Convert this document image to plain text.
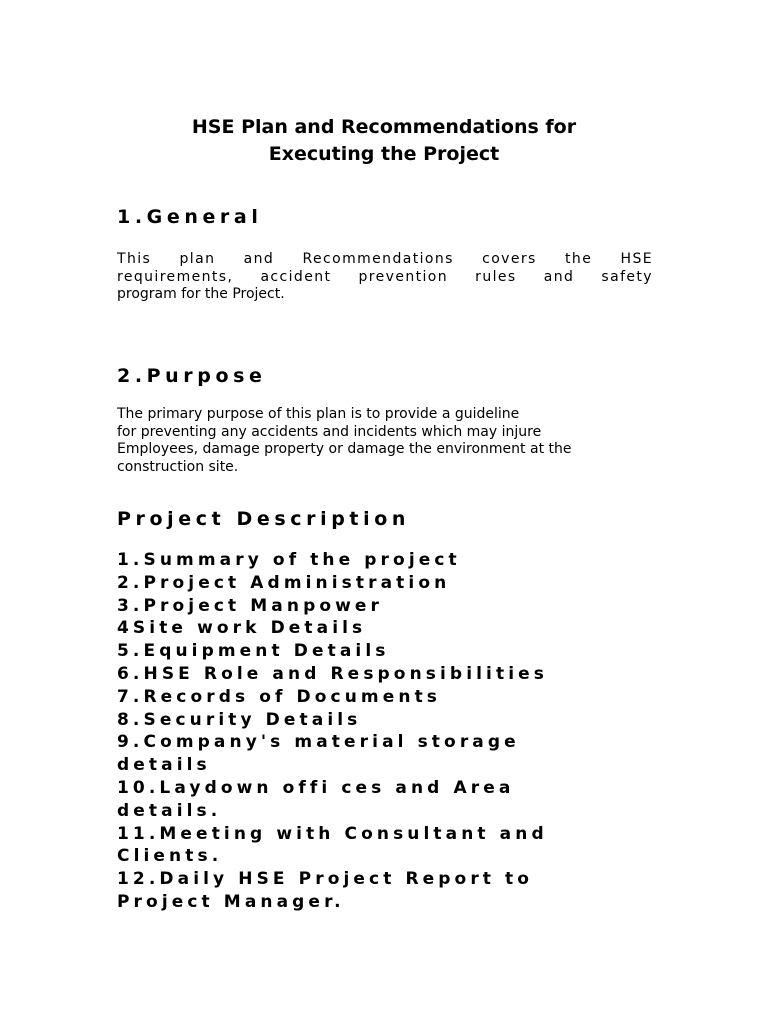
HSE Plan and Recommendations for
Executing the Project
1.General

This plan and Recommendations covers the HSE
requirements, accident prevention rules and safety
program for the Project.

2.Purpose

The primary purpose of this plan is to provide a guideline
for preventing any accidents and incidents which may injure
Employees, damage property or damage the environment at the
construction site.

Project Description
1.Summary of the project
2.Project Administration
3.Project Manpower
4Site work Details
5.Equipment Details
6.HSE Role and Responsibilities
7.Records of Documents
8.Security Details
9.Company's material storage
details
10.Laydown offi ces and Area
details.
11.Meeting with Consultant and
Clients.
12.Daily HSE Project Report to
Project Manager.
